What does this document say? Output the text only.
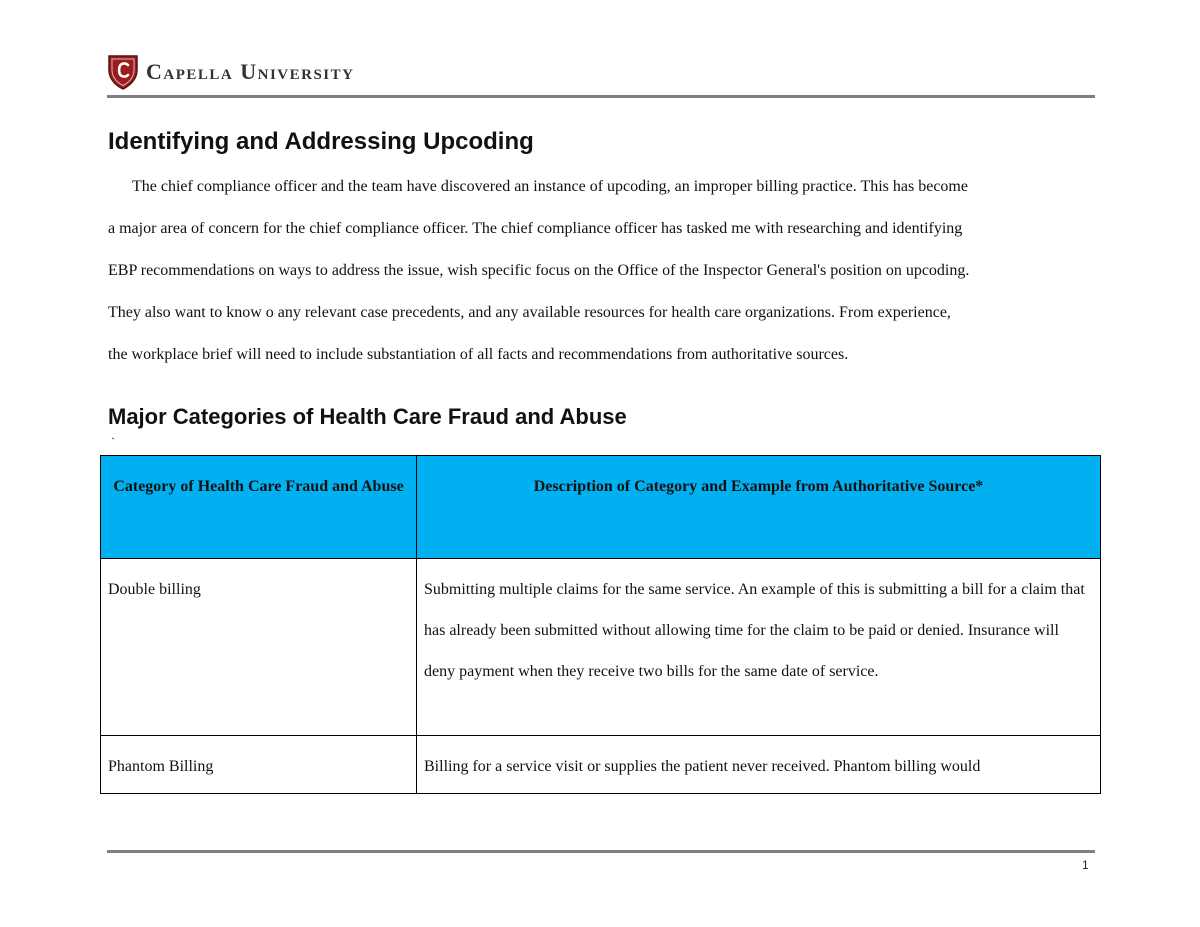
Capella University
Identifying and Addressing Upcoding
The chief compliance officer and the team have discovered an instance of upcoding, an improper billing practice. This has become
a major area of concern for the chief compliance officer. The chief compliance officer has tasked me with researching and identifying
EBP recommendations on ways to address the issue, wish specific focus on the Office of the Inspector General's position on upcoding.
They also want to know o any relevant case precedents, and any available resources for health care organizations. From experience,
the workplace brief will need to include substantiation of all facts and recommendations from authoritative sources.
Major Categories of Health Care Fraud and Abuse
`
Category of Health Care Fraud and Abuse	Description of Category and Example from Authoritative Source*
Double billing	Submitting multiple claims for the same service. An example of this is submitting a bill for a claim that has already been submitted without allowing time for the claim to be paid or denied. Insurance will deny payment when they receive two bills for the same date of service.
Phantom Billing	Billing for a service visit or supplies the patient never received. Phantom billing would
1
